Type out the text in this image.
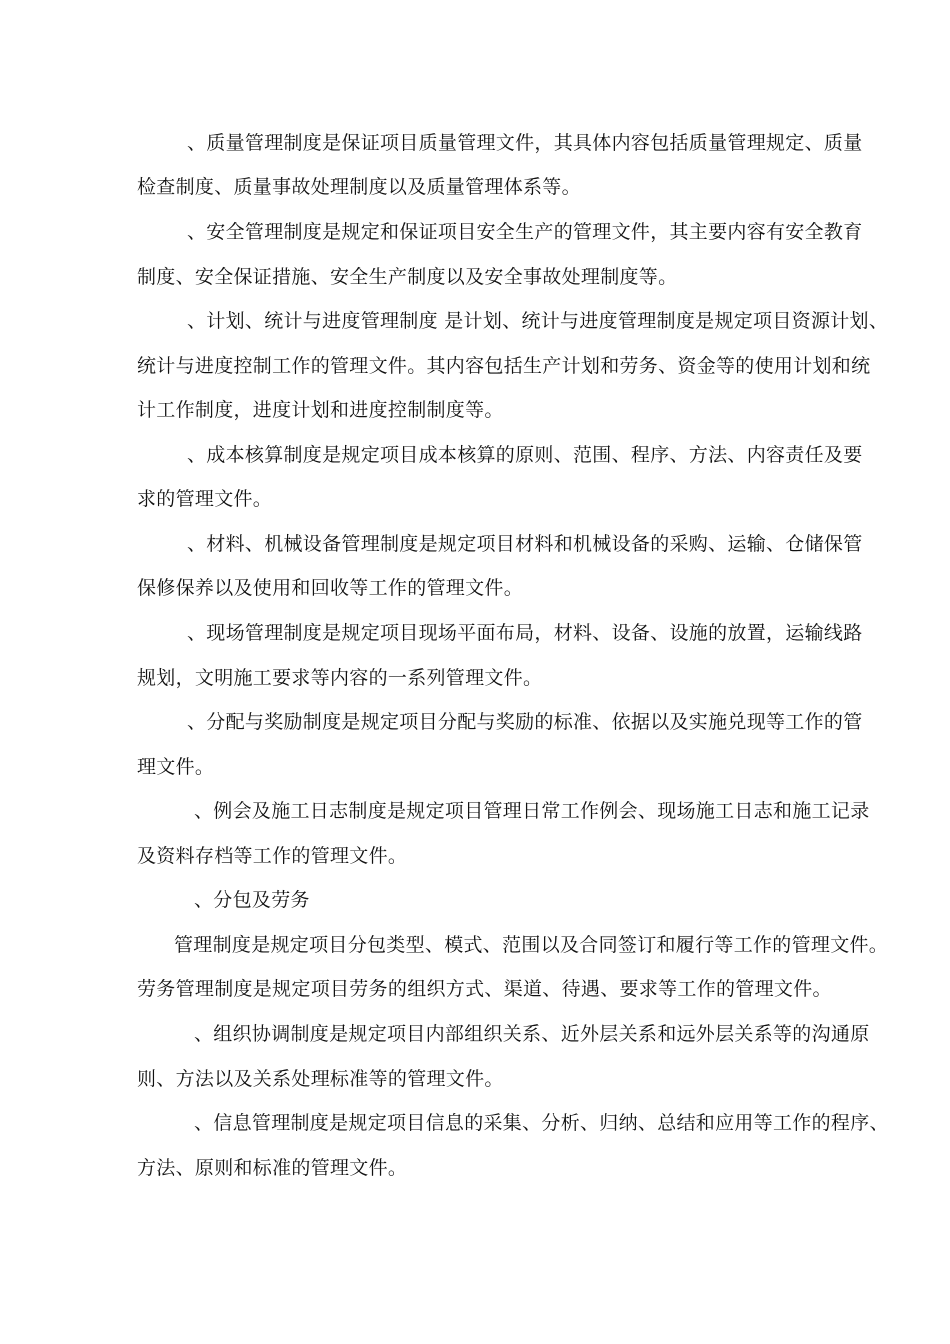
、质量管理制度是保证项目质量管理文件，其具体内容包括质量管理规定、质量
检查制度、质量事故处理制度以及质量管理体系等。
、安全管理制度是规定和保证项目安全生产的管理文件，其主要内容有安全教育
制度、安全保证措施、安全生产制度以及安全事故处理制度等。
、计划、统计与进度管理制度 是计划、统计与进度管理制度是规定项目资源计划、
统计与进度控制工作的管理文件。其内容包括生产计划和劳务、资金等的使用计划和统
计工作制度，进度计划和进度控制制度等。
、成本核算制度是规定项目成本核算的原则、范围、程序、方法、内容责任及要
求的管理文件。
、材料、机械设备管理制度是规定项目材料和机械设备的采购、运输、仓储保管
保修保养以及使用和回收等工作的管理文件。
、现场管理制度是规定项目现场平面布局，材料、设备、设施的放置，运输线路
规划，文明施工要求等内容的一系列管理文件。
、分配与奖励制度是规定项目分配与奖励的标准、依据以及实施兑现等工作的管
理文件。
、例会及施工日志制度是规定项目管理日常工作例会、现场施工日志和施工记录
及资料存档等工作的管理文件。
、分包及劳务
管理制度是规定项目分包类型、模式、范围以及合同签订和履行等工作的管理文件。
劳务管理制度是规定项目劳务的组织方式、渠道、待遇、要求等工作的管理文件。
、组织协调制度是规定项目内部组织关系、近外层关系和远外层关系等的沟通原
则、方法以及关系处理标准等的管理文件。
、信息管理制度是规定项目信息的采集、分析、归纳、总结和应用等工作的程序、
方法、原则和标准的管理文件。
